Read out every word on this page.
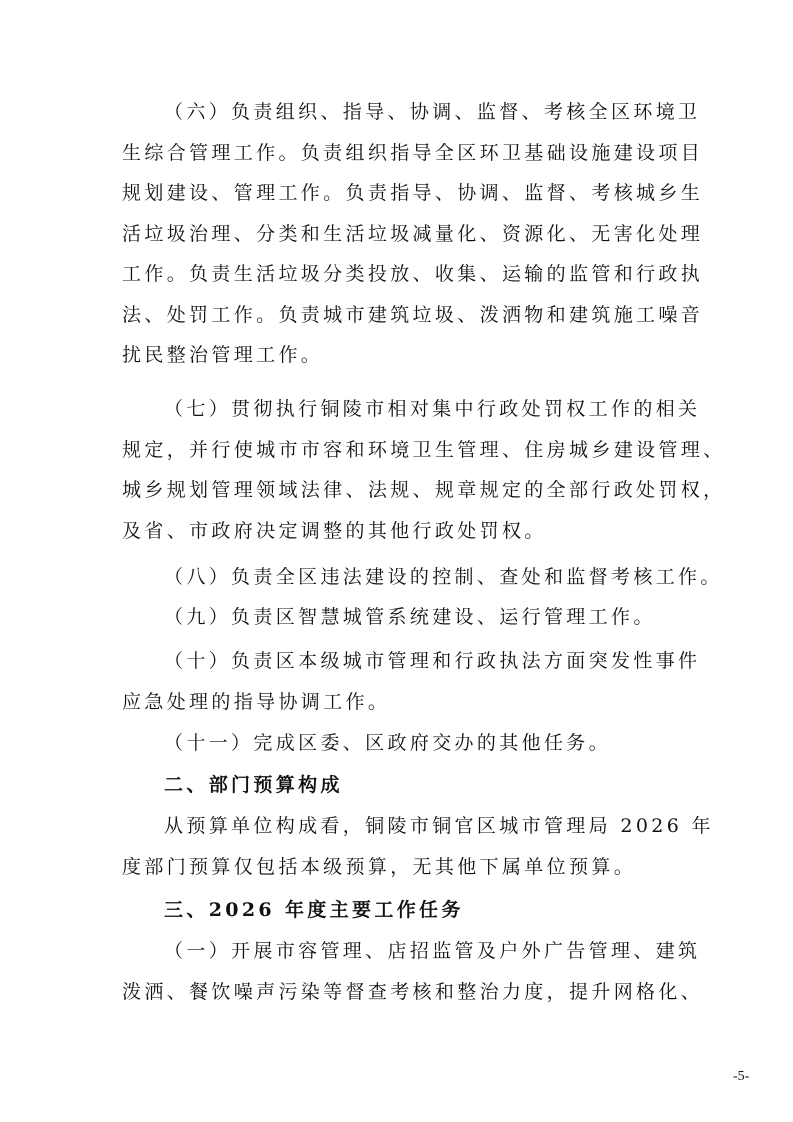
（六）负责组织、指导、协调、监督、考核全区环境卫
生综合管理工作。负责组织指导全区环卫基础设施建设项目
规划建设、管理工作。负责指导、协调、监督、考核城乡生
活垃圾治理、分类和生活垃圾减量化、资源化、无害化处理
工作。负责生活垃圾分类投放、收集、运输的监管和行政执
法、处罚工作。负责城市建筑垃圾、泼洒物和建筑施工噪音
扰民整治管理工作。
（七）贯彻执行铜陵市相对集中行政处罚权工作的相关
规定，并行使城市市容和环境卫生管理、住房城乡建设管理、
城乡规划管理领域法律、法规、规章规定的全部行政处罚权，
及省、市政府决定调整的其他行政处罚权。
（八）负责全区违法建设的控制、查处和监督考核工作。
（九）负责区智慧城管系统建设、运行管理工作。
（十）负责区本级城市管理和行政执法方面突发性事件
应急处理的指导协调工作。
（十一）完成区委、区政府交办的其他任务。
二、部门预算构成
从预算单位构成看，铜陵市铜官区城市管理局 2026 年
度部门预算仅包括本级预算，无其他下属单位预算。
三、2026 年度主要工作任务
（一）开展市容管理、店招监管及户外广告管理、建筑
泼洒、餐饮噪声污染等督查考核和整治力度，提升网格化、
-5-
